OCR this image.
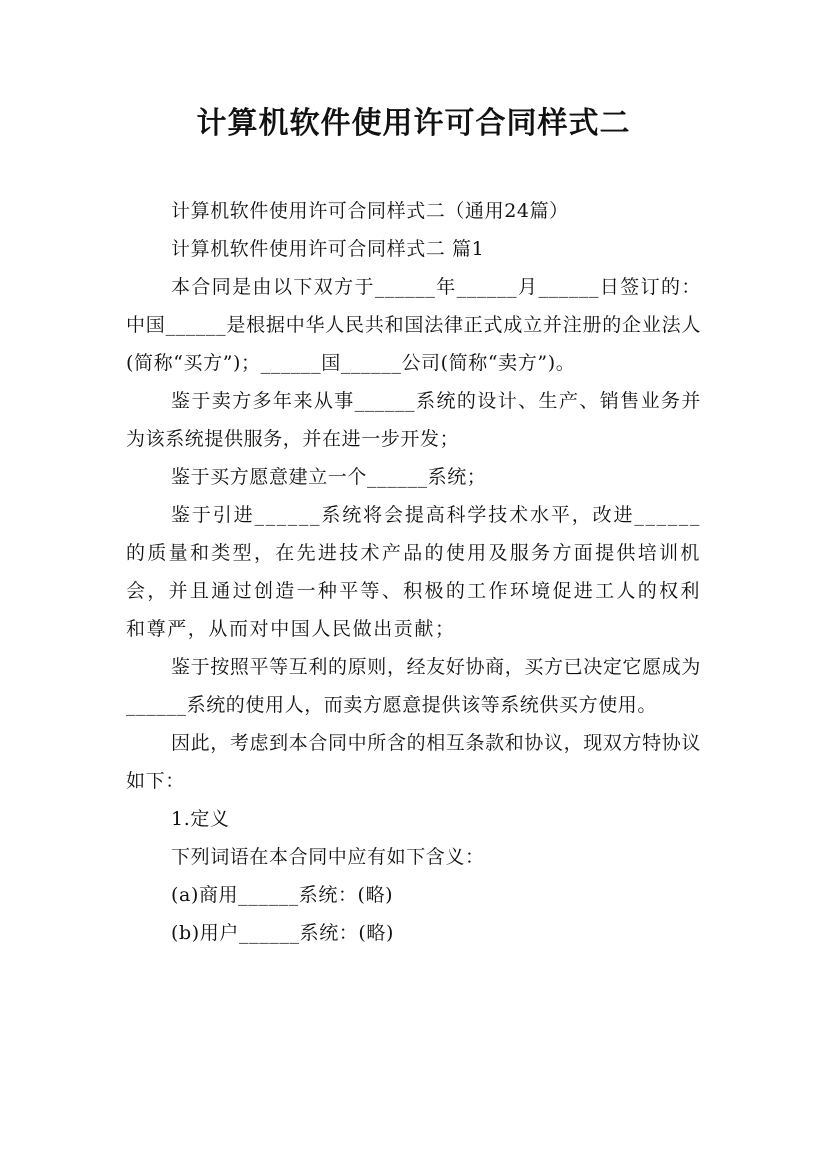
计算机软件使用许可合同样式二

计算机软件使用许可合同样式二（通用24篇）

计算机软件使用许可合同样式二 篇1

本合同是由以下双方于______年______月______日签订的：中国______是根据中华人民共和国法律正式成立并注册的企业法人(简称“买方”)；______国______公司(简称“卖方”)。

鉴于卖方多年来从事______系统的设计、生产、销售业务并为该系统提供服务，并在进一步开发；

鉴于买方愿意建立一个______系统；

鉴于引进______系统将会提高科学技术水平，改进______的质量和类型，在先进技术产品的使用及服务方面提供培训机会，并且通过创造一种平等、积极的工作环境促进工人的权利和尊严，从而对中国人民做出贡献；

鉴于按照平等互利的原则，经友好协商，买方已决定它愿成为______系统的使用人，而卖方愿意提供该等系统供买方使用。

因此，考虑到本合同中所含的相互条款和协议，现双方特协议如下：

1.定义

下列词语在本合同中应有如下含义：

(a)商用______系统：(略)

(b)用户______系统：(略)
